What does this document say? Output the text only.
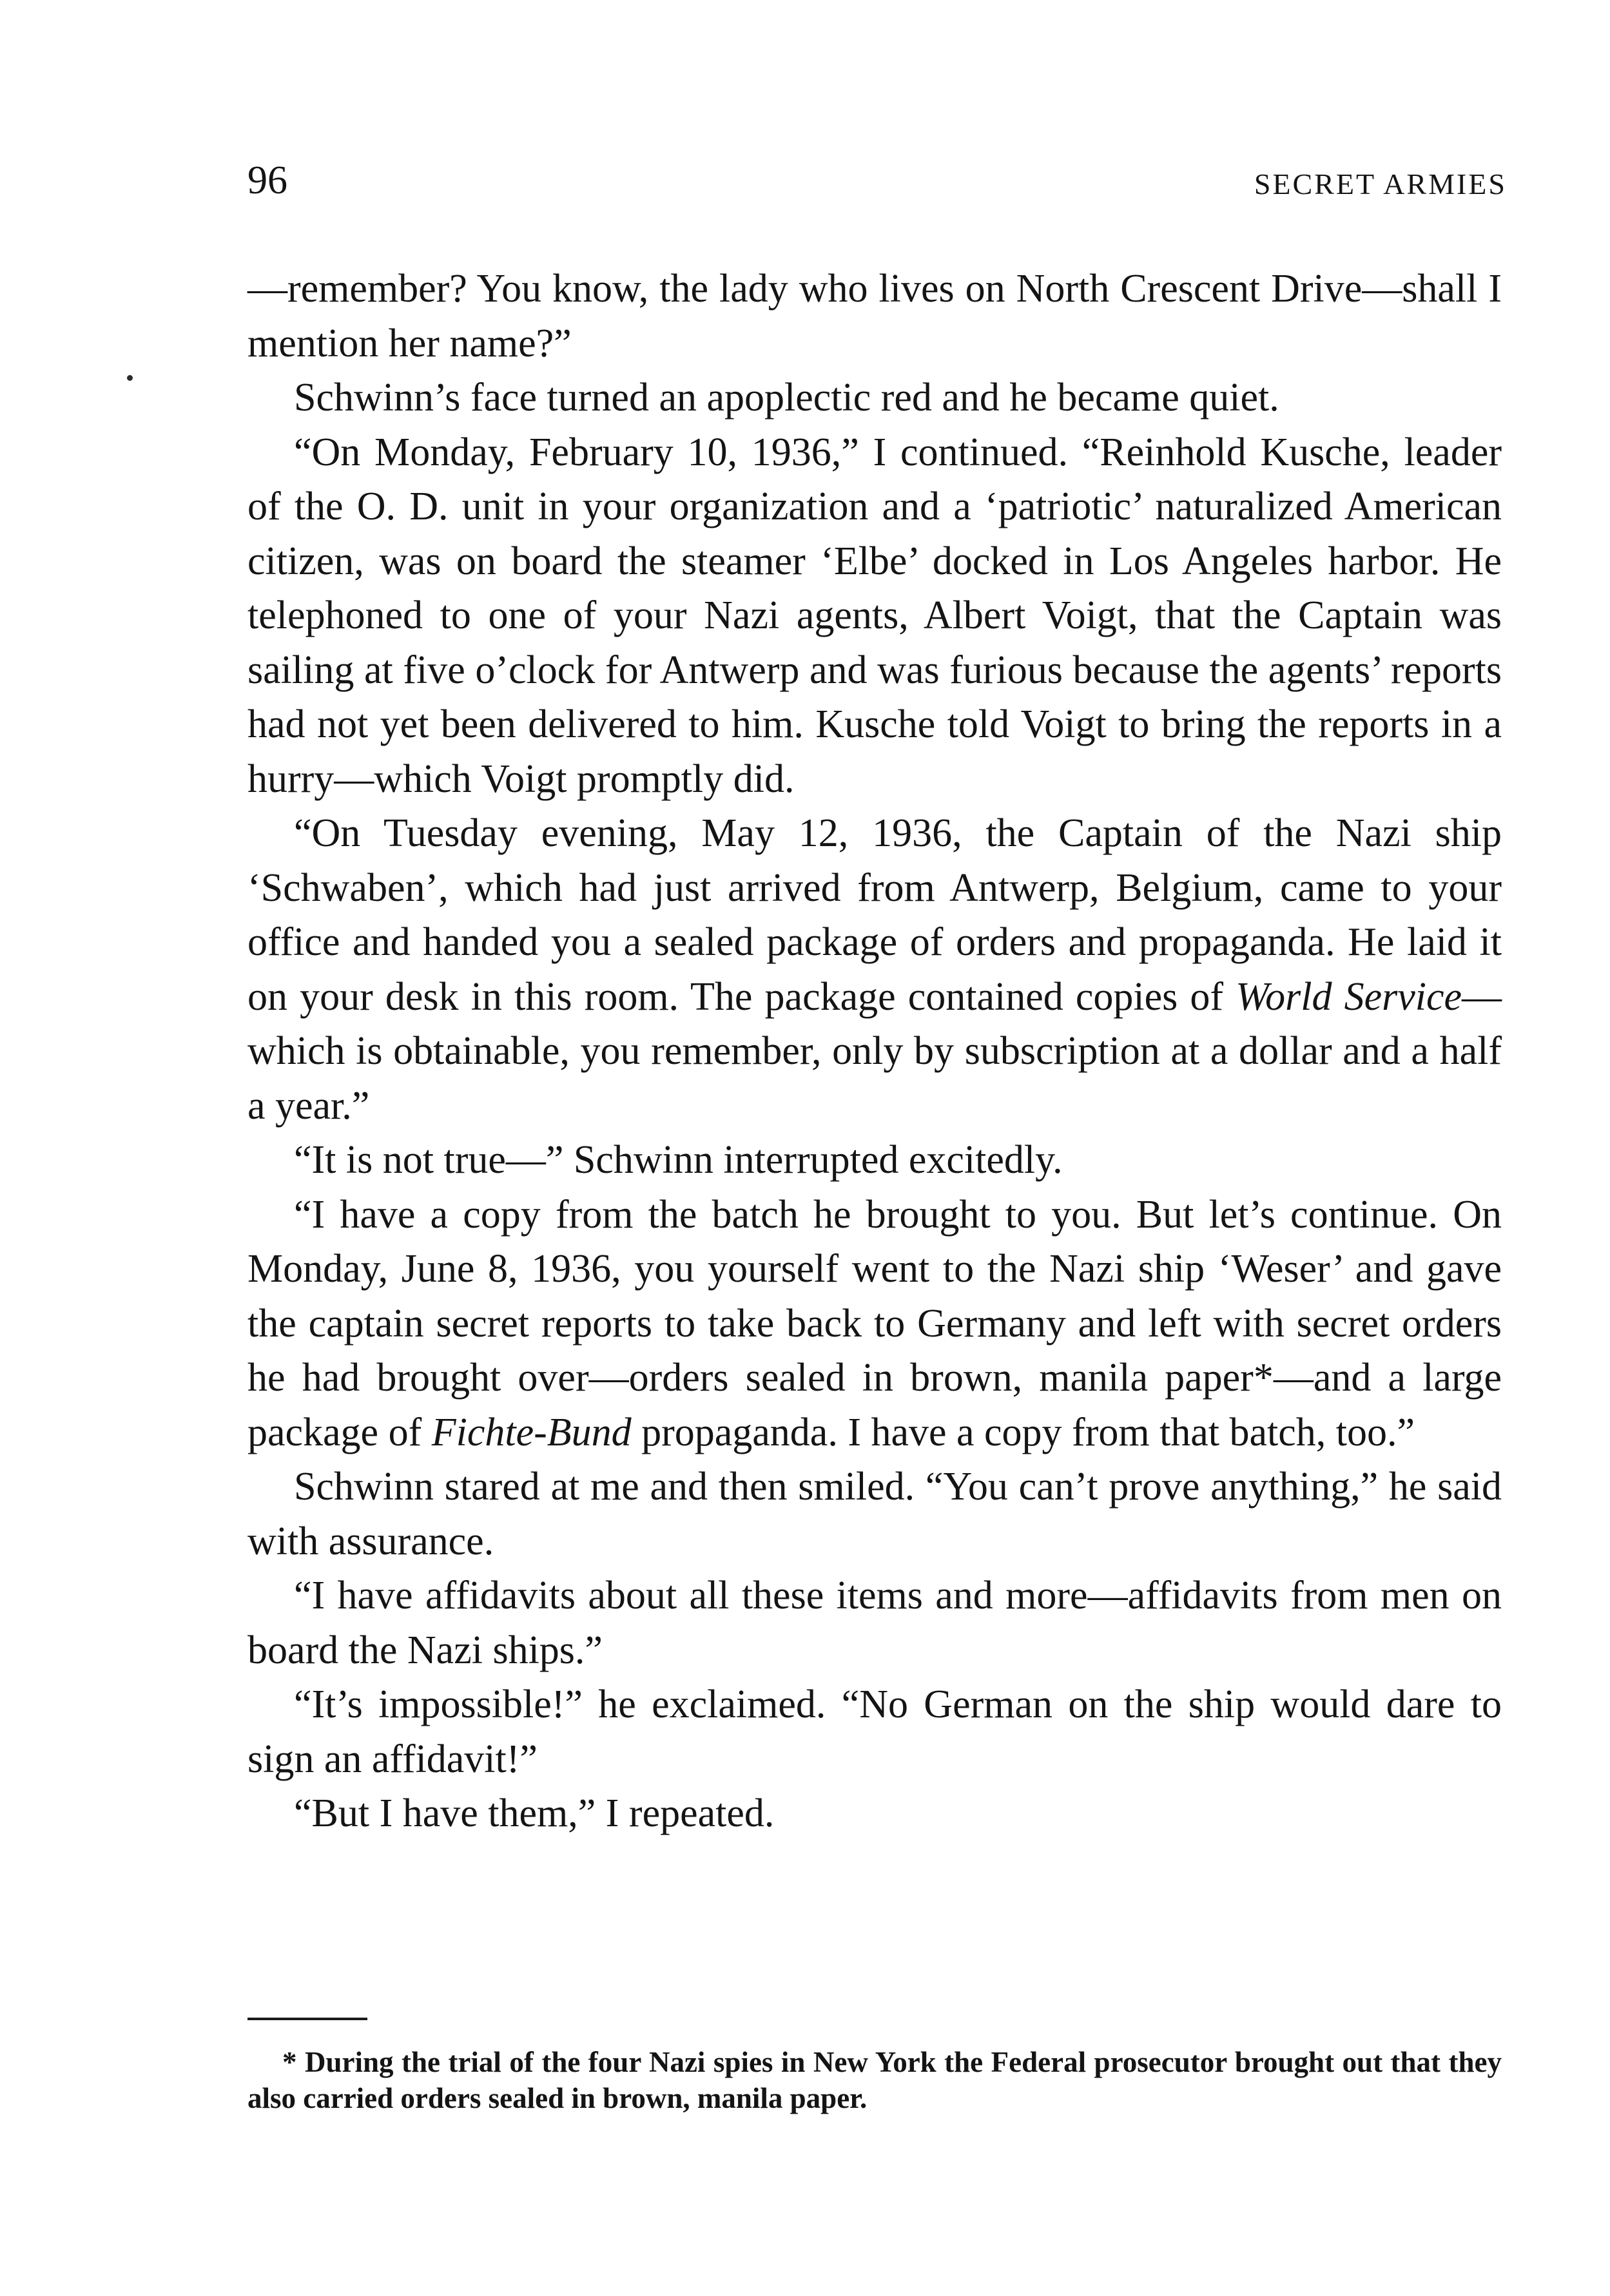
96	SECRET ARMIES

—remember? You know, the lady who lives on North Crescent Drive—shall I mention her name?”

Schwinn’s face turned an apoplectic red and he became quiet.

“On Monday, February 10, 1936,” I continued. “Reinhold Kusche, leader of the O. D. unit in your organization and a ‘patriotic’ naturalized American citizen, was on board the steamer ‘Elbe’ docked in Los Angeles harbor. He telephoned to one of your Nazi agents, Albert Voigt, that the Captain was sailing at five o’clock for Antwerp and was furious because the agents’ reports had not yet been delivered to him. Kusche told Voigt to bring the reports in a hurry—which Voigt promptly did.

“On Tuesday evening, May 12, 1936, the Captain of the Nazi ship ‘Schwaben’, which had just arrived from Antwerp, Belgium, came to your office and handed you a sealed package of orders and propaganda. He laid it on your desk in this room. The package contained copies of World Service—which is obtainable, you remember, only by subscription at a dollar and a half a year.”

“It is not true—” Schwinn interrupted excitedly.

“I have a copy from the batch he brought to you. But let’s continue. On Monday, June 8, 1936, you yourself went to the Nazi ship ‘Weser’ and gave the captain secret reports to take back to Germany and left with secret orders he had brought over—orders sealed in brown, manila paper*—and a large package of Fichte-Bund propaganda. I have a copy from that batch, too.”

Schwinn stared at me and then smiled. “You can’t prove anything,” he said with assurance.

“I have affidavits about all these items and more—affidavits from men on board the Nazi ships.”

“It’s impossible!” he exclaimed. “No German on the ship would dare to sign an affidavit!”

“But I have them,” I repeated.

* During the trial of the four Nazi spies in New York the Federal prosecutor brought out that they also carried orders sealed in brown, manila paper.
